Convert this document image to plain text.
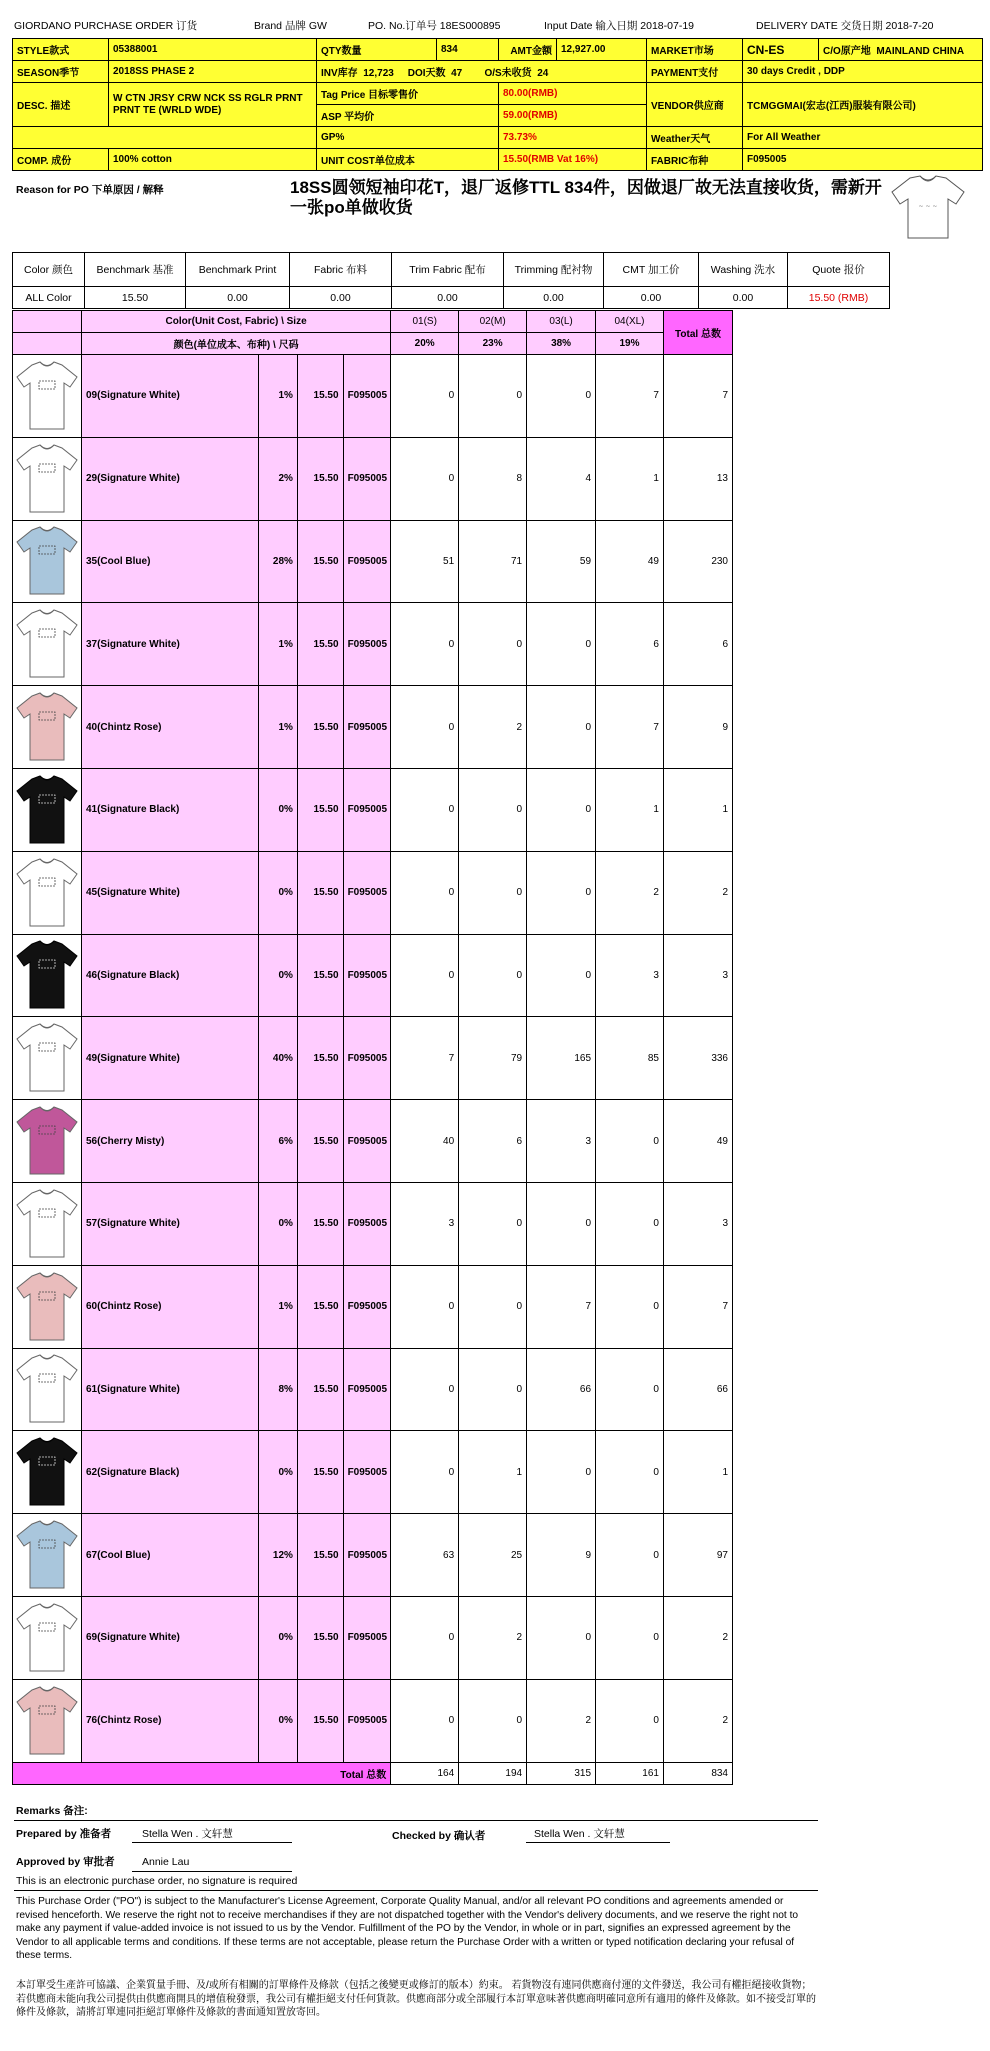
GIORDANO PURCHASE ORDER 订货	Brand 品牌 GW	PO. No.订单号 18ES000895	Input Date 输入日期 2018-07-19	DELIVERY DATE 交货日期 2018-7-20
STYLE款式	05388001	QTY数量	834	AMT金额	12,927.00	MARKET市场	CN-ES	C/O原产地 MAINLAND CHINA
SEASON季节	2018SS PHASE 2	INV库存 12,723 DOI天数 47 O/S未收货 24				PAYMENT支付	30 days Credit , DDP	
DESC. 描述	W CTN JRSY CRW NCK SS RGLR PRNT PRNT TE (WRLD WDE)	Tag Price 目标零售价		80.00(RMB)		VENDOR供应商	TCMGGMAI(宏志(江西)服装有限公司)	
		ASP 平均价		59.00(RMB)				
		GP%		73.73%		Weather天气	For All Weather	
COMP. 成份	100% cotton	UNIT COST单位成本		15.50(RMB Vat 16%)		FABRIC布种	F095005	
Reason for PO 下单原因 / 解释	18SS圆领短袖印花T，退厂返修TTL 834件，因做退厂故无法直接收货，需新开一张po单做收货	~ ~ ~
Color 颜色	Benchmark 基准	Benchmark Print	Fabric 布料	Trim Fabric 配布	Trimming 配衬物	CMT 加工价	Washing 洗水	Quote 报价
ALL Color	15.50	0.00	0.00	0.00	0.00	0.00	0.00	15.50 (RMB)
	Color(Unit Cost, Fabric) \ Size				01(S)	02(M)	03(L)	04(XL)	Total 总数
	颜色(单位成本、布种) \ 尺码				20%	23%	38%	19%	

	09(Signature White)	1%	15.50	F095005	0	0	0	7	7

	29(Signature White)	2%	15.50	F095005	0	8	4	1	13

	35(Cool Blue)	28%	15.50	F095005	51	71	59	49	230

	37(Signature White)	1%	15.50	F095005	0	0	0	6	6

	40(Chintz Rose)	1%	15.50	F095005	0	2	0	7	9

	41(Signature Black)	0%	15.50	F095005	0	0	0	1	1

	45(Signature White)	0%	15.50	F095005	0	0	0	2	2

	46(Signature Black)	0%	15.50	F095005	0	0	0	3	3

	49(Signature White)	40%	15.50	F095005	7	79	165	85	336

	56(Cherry Misty)	6%	15.50	F095005	40	6	3	0	49

	57(Signature White)	0%	15.50	F095005	3	0	0	0	3

	60(Chintz Rose)	1%	15.50	F095005	0	0	7	0	7

	61(Signature White)	8%	15.50	F095005	0	0	66	0	66

	62(Signature Black)	0%	15.50	F095005	0	1	0	0	1

	67(Cool Blue)	12%	15.50	F095005	63	25	9	0	97

	69(Signature White)	0%	15.50	F095005	0	2	0	0	2

	76(Chintz Rose)	0%	15.50	F095005	0	0	2	0	2
Total 总数					164	194	315	161	834
Remarks 备注:
Prepared by 准备者	Stella Wen . 文轩慧	Checked by 确认者	Stella Wen . 文轩慧
Approved by 审批者	Annie Lau
This is an electronic purchase order, no signature is required
This Purchase Order ("PO") is subject to the Manufacturer's License Agreement, Corporate Quality Manual, and/or all relevant PO conditions and agreements amended or revised henceforth. We reserve the right not to receive merchandises if they are not dispatched together with the Vendor's delivery documents, and we reserve the right not to make any payment if value-added invoice is not issued to us by the Vendor. Fulfillment of the PO by the Vendor, in whole or in part, signifies an expressed agreement by the Vendor to all applicable terms and conditions. If these terms are not acceptable, please return the Purchase Order with a written or typed notification declaring your refusal of these terms.
本訂單受生產許可協議、企業質量手冊、及/或所有相關的訂單條件及條款（包括之後變更或修訂的版本）約束。 若貨物沒有連同供應商付運的文件發送，我公司有權拒絕接收貨物；若供應商未能向我公司提供由供應商開具的增值稅發票，我公司有權拒絕支付任何貨款。供應商部分或全部履行本訂單意味著供應商明確同意所有適用的條件及條款。如不接受訂單的條件及條款，請將訂單連同拒絕訂單條件及條款的書面通知置放寄回。
